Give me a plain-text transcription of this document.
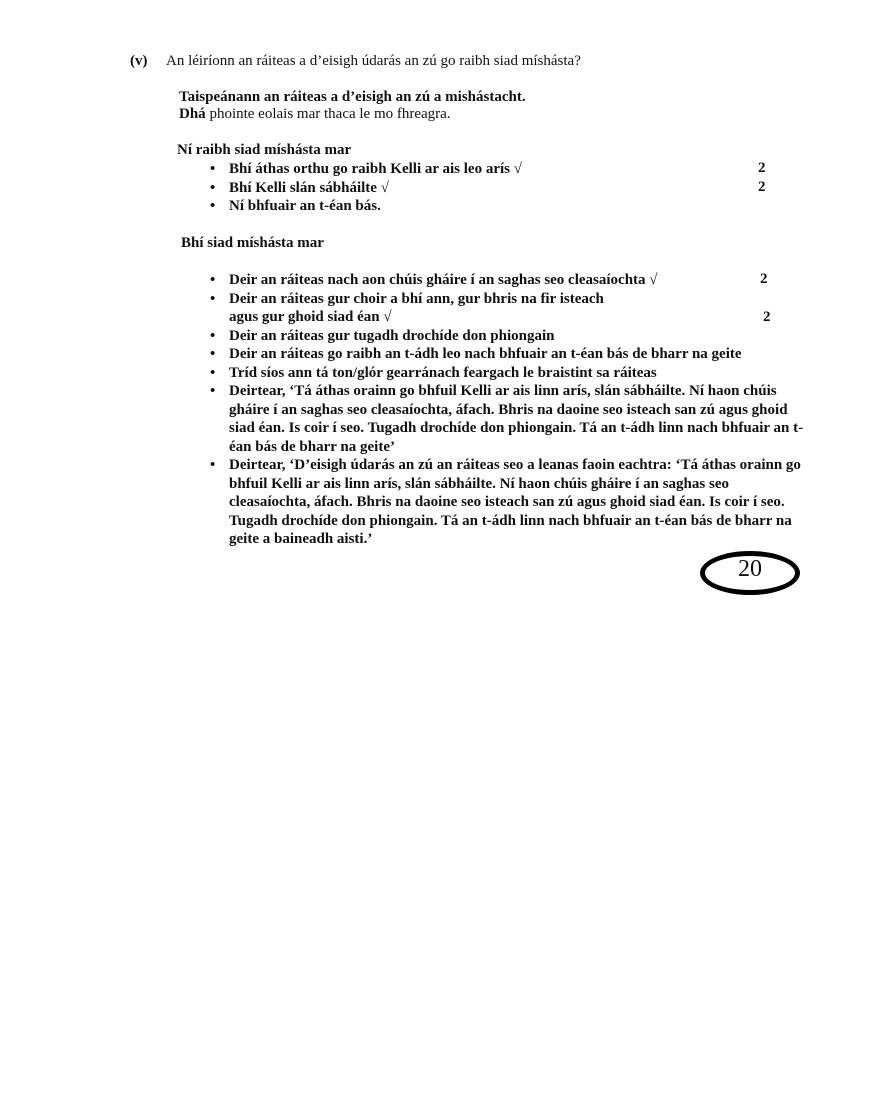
(v) An léiríonn an ráiteas a d’eisigh údarás an zú go raibh siad míshásta?
Taispeánann an ráiteas a d’eisigh an zú a mishástacht.
Dhá phointe eolais mar thaca le mo fhreagra.
Ní raibh siad míshásta mar
• Bhí áthas orthu go raibh Kelli ar ais leo arís √
• Bhí Kelli slán sábháilte √
• Ní bhfuair an t-éan bás.
2
2
Bhí siad míshásta mar
• Deir an ráiteas nach aon chúis gháire í an saghas seo cleasaíochta √
• Deir an ráiteas gur choir a bhí ann, gur bhris na fir isteach
agus gur ghoid siad éan √
• Deir an ráiteas gur tugadh drochíde don phiongain
• Deir an ráiteas go raibh an t-ádh leo nach bhfuair an t-éan bás de bharr na geite
• Tríd síos ann tá ton/glór gearránach feargach le braistint sa ráiteas
• Deirtear, ‘Tá áthas orainn go bhfuil Kelli ar ais linn arís, slán sábháilte. Ní haon chúis gháire í an saghas seo cleasaíochta, áfach. Bhris na daoine seo isteach san zú agus ghoid siad éan. Is coir í seo. Tugadh drochíde don phiongain. Tá an t-ádh linn nach bhfuair an t-éan bás de bharr na geite’
• Deirtear, ‘D’eisigh údarás an zú an ráiteas seo a leanas faoin eachtra: ‘Tá áthas orainn go bhfuil Kelli ar ais linn arís, slán sábháilte. Ní haon chúis gháire í an saghas seo cleasaíochta, áfach. Bhris na daoine seo isteach san zú agus ghoid siad éan. Is coir í seo. Tugadh drochíde don phiongain. Tá an t-ádh linn nach bhfuair an t-éan bás de bharr na geite a baineadh aisti.’
2
2
20
